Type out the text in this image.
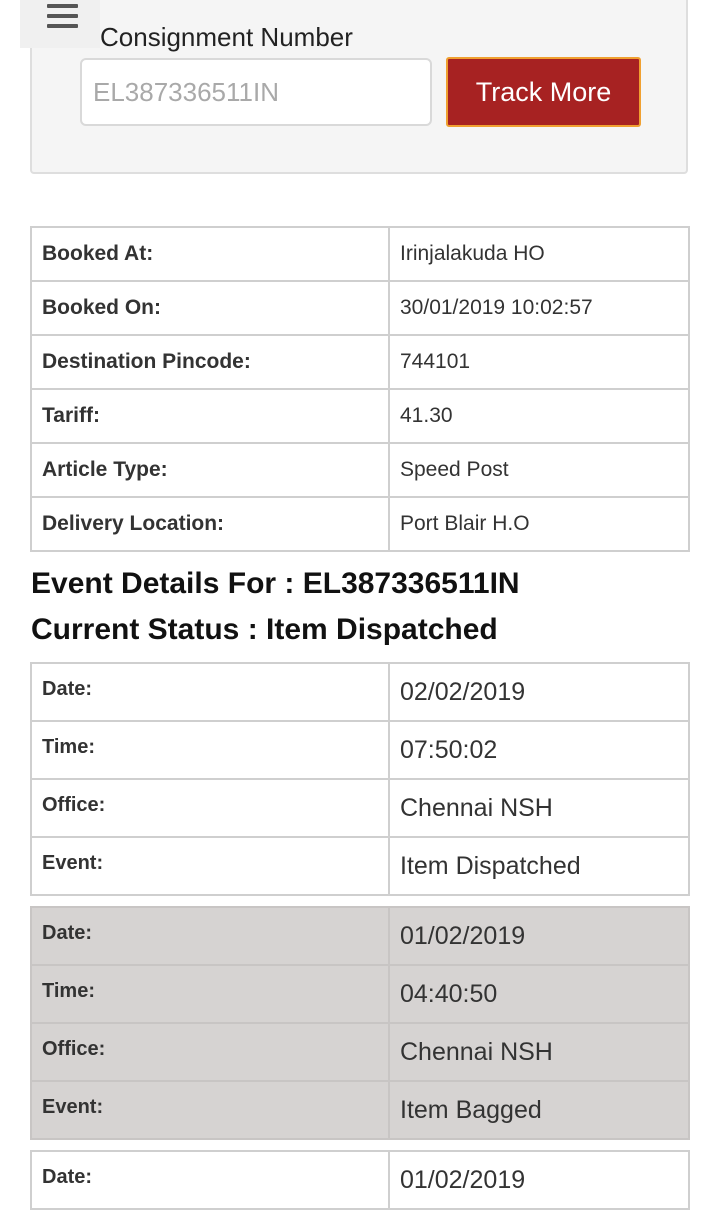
Consignment Number
EL387336511IN
Track More
Booked At:	Irinjalakuda HO
Booked On:	30/01/2019 10:02:57
Destination Pincode:	744101
Tariff:	41.30
Article Type:	Speed Post
Delivery Location:	Port Blair H.O
Event Details For : EL387336511IN
Current Status : Item Dispatched
Date:	02/02/2019
Time:	07:50:02
Office:	Chennai NSH
Event:	Item Dispatched
Date:	01/02/2019
Time:	04:40:50
Office:	Chennai NSH
Event:	Item Bagged
Date:	01/02/2019
